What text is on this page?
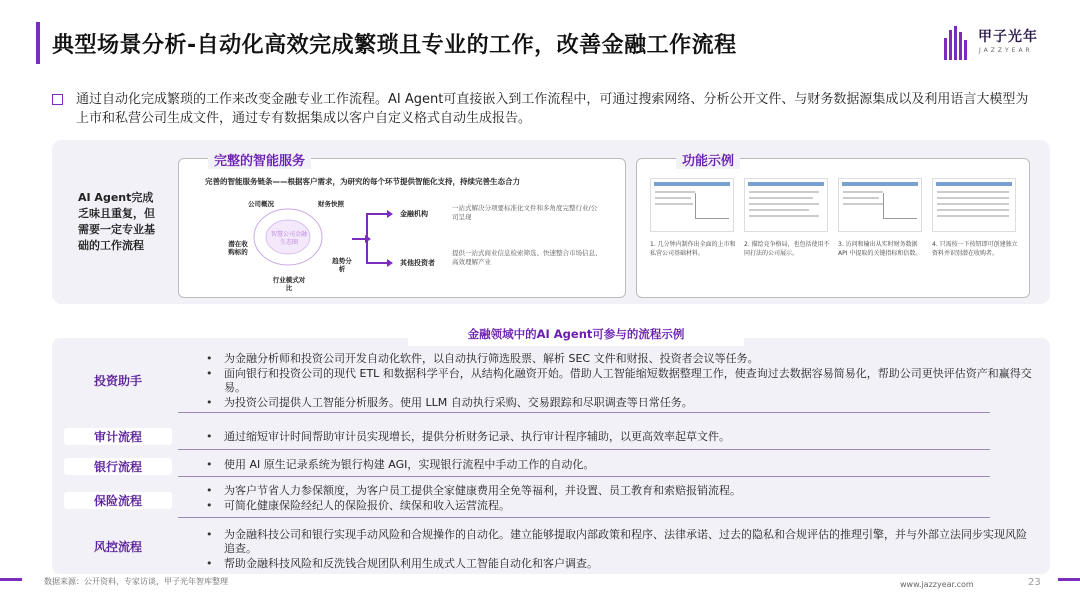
典型场景分析-自动化高效完成繁琐且专业的工作，改善金融工作流程	甲子光年
JAZZYEAR
通过自动化完成繁琐的工作来改变金融专业工作流程。AI Agent可直接嵌入到工作流程中，可通过搜索网络、分析公开文件、与财务数据源集成以及利用语言大模型为上市和私营公司生成文件，通过专有数据集成以客户自定义格式自动生成报告。
AI Agent完成乏味且重复，但需要一定专业基础的工作流程
完整的智能服务
完善的智能服务链条——根据客户需求，为研究的每个环节提供智能化支持，持续完善生态合力
智慧公司金融生态圈
公司概况	财务快照
趋势分析
行业模式对比
潜在收购标的
金融机构
一站式解决分项要标准化文件和多角度完整行业/公司呈现
其他投资者
提供一站式商业信息检索筛选、快速整合市场信息、高效理解产业
功能示例
1. 几分钟内制作出全面的上市和私营公司基础材料。
2. 描绘竞争格局，也包括使用不同打法的公司展示。
3. 访问和输出从实时财务数据 API 中提取的关键指标和倍数。
4. 只需按一下按钮即可创建独立 资料并识别潜在收购者。
金融领域中的AI Agent可参与的流程示例
投资助手
• 为金融分析师和投资公司开发自动化软件，以自动执行筛选股票、解析 SEC 文件和财报、投资者会议等任务。
• 面向银行和投资公司的现代 ETL 和数据科学平台，从结构化融资开始。借助人工智能缩短数据整理工作，使查询过去数据容易简易化，帮助公司更快评估资产和赢得交易。
• 为投资公司提供人工智能分析服务。使用 LLM 自动执行采购、交易跟踪和尽职调查等日常任务。
审计流程	• 通过缩短审计时间帮助审计员实现增长，提供分析财务记录、执行审计程序辅助，以更高效率起草文件。
银行流程	• 使用 AI 原生记录系统为银行构建 AGI，实现银行流程中手动工作的自动化。
保险流程
• 为客户节省人力参保额度，为客户员工提供全家健康费用全免等福利，并设置、员工教育和索赔报销流程。
• 可简化健康保险经纪人的保险报价、续保和收入运营流程。
风控流程
• 为金融科技公司和银行实现手动风险和合规操作的自动化。建立能够提取内部政策和程序、法律承诺、过去的隐私和合规评估的推理引擎，并与外部立法同步实现风险追查。
• 帮助金融科技风险和反洗钱合规团队利用生成式人工智能自动化和客户调查。
数据来源：公开资料，专家访谈，甲子光年智库整理	www.jazzyear.com	23
